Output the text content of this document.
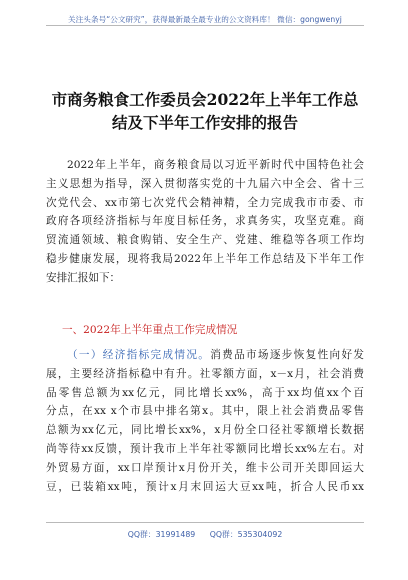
关注头条号“公文研究”，获得最新最全最专业的公文资料库！ 微信：gongwenyj
市商务粮食工作委员会2022年上半年工作总
结及下半年工作安排的报告
2022年上半年，商务粮食局以习近平新时代中国特色社会
主义思想为指导，深入贯彻落实党的十九届六中全会、省十三
次党代会、xx市第七次党代会精神精，全力完成我市市委、市
政府各项经济指标与年度目标任务，求真务实，攻坚克难。商
贸流通领域、粮食购销、安全生产、党建、维稳等各项工作均
稳步健康发展，现将我局2022年上半年工作总结及下半年工作
安排汇报如下：
一、2022年上半年重点工作完成情况
（一）经济指标完成情况。消费品市场逐步恢复性向好发
展，主要经济指标稳中有升。社零额方面，x－x月，社会消费
品零售总额为xx亿元，同比增长xx%，高于xx均值xx个百
分点，在xx x个市县中排名第x。其中，限上社会消费品零售
总额为xx亿元，同比增长xx%，x月份全口径社零额增长数据
尚等待xx反馈，预计我市上半年社零额同比增长xx%左右。对
外贸易方面，xx口岸预计x月份开关，维卡公司开关即回运大
豆，已装箱xx吨，预计x月末回运大豆xx吨，折合人民币xx
QQ群：31991489 QQ群：535304092
